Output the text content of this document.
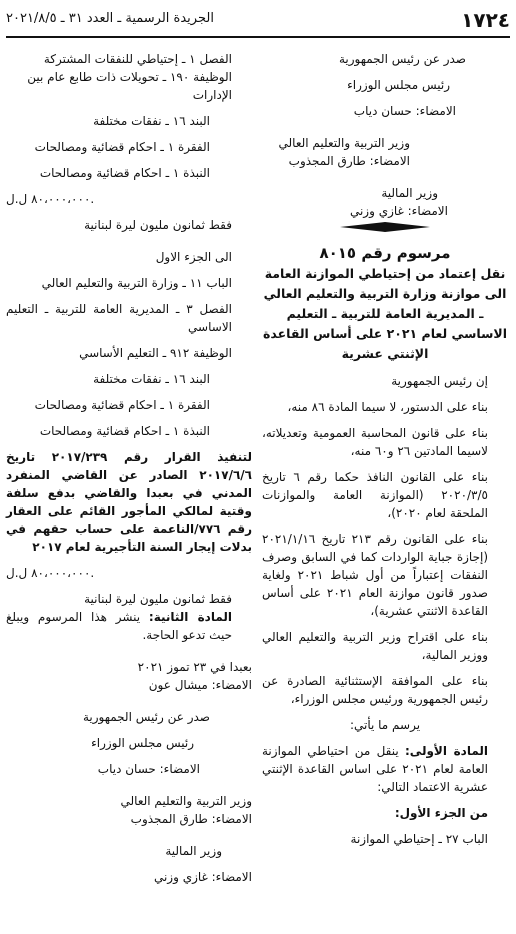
١٧٢٤
الجريدة الرسمية ـ العدد ٣١ ـ ٢٠٢١/٨/٥
صدر عن رئيس الجمهورية
رئيس مجلس الوزراء
الامضاء: حسان دياب
وزير التربية والتعليم العالي
الامضاء: طارق المجذوب
وزير المالية
الامضاء: غازي وزني
مرسوم رقم ٨٠١٥
نقل إعتماد من إحتياطي الموازنة العامة الى موازنة وزارة التربية والتعليم العالي ـ المديرية العامة للتربية ـ التعليم الاساسي لعام ٢٠٢١ على أساس القاعدة الإثنتي عشرية
إن رئيس الجمهورية
بناء على الدستور، لا سيما المادة ٨٦ منه،
بناء على قانون المحاسبة العمومية وتعديلاته، لاسيما المادتين ٢٦ و٦٠ منه،
بناء على القانون النافذ حكما رقم ٦ تاريخ ٢٠٢٠/٣/٥ (الموازنة العامة والموازنات الملحقة لعام ٢٠٢٠)،
بناء على القانون رقم ٢١٣ تاريخ ٢٠٢١/١/١٦ (إجازة جباية الواردات كما في السابق وصرف النفقات إعتباراً من أول شباط ٢٠٢١ ولغاية صدور قانون موازنة العام ٢٠٢١ على أساس القاعدة الاثنتي عشرية)،
بناء على اقتراح وزير التربية والتعليم العالي ووزير المالية،
بناء على الموافقة الإستثنائية الصادرة عن رئيس الجمهورية ورئيس مجلس الوزراء،
يرسم ما يأتي:
المادة الأولى: ينقل من احتياطي الموازنة العامة لعام ٢٠٢١ على اساس القاعدة الإثنتي عشرية الاعتماد التالي:
من الجزء الأول:
الباب ٢٧ ـ إحتياطي الموازنة
الفصل ١ ـ إحتياطي للنفقات المشتركة
الوظيفة ١٩٠ ـ تحويلات ذات طابع عام بين الإدارات
البند ١٦ ـ نفقات مختلفة
الفقرة ١ ـ احكام قضائية ومصالحات
النبذة ١ ـ احكام قضائية ومصالحات
٨٠،٠٠٠،٠٠٠ ل.ل.
فقط ثمانون مليون ليرة لبنانية
الى الجزء الاول
الباب ١١ ـ وزارة التربية والتعليم العالي
الفصل ٣ ـ المديرية العامة للتربية ـ التعليم الاساسي
الوظيفة ٩١٢ ـ التعليم الأساسي
البند ١٦ ـ نفقات مختلفة
الفقرة ١ ـ احكام قضائية ومصالحات
النبذة ١ ـ احكام قضائية ومصالحات
لتنفيذ القرار رقم ٢٠١٧/٢٣٩ تاريخ ٢٠١٧/٦/٦ الصادر عن القاضي المنفرد المدني في بعبدا والقاضي بدفع سلفة وقتية لمالكي المأجور القائم على العقار رقم ٧٧٦/الناعمة على حساب حقهم في بدلات إيجار السنة التأجيرية لعام ٢٠١٧
٨٠،٠٠٠،٠٠٠ ل.ل.
فقط ثمانون مليون ليرة لبنانية
المادة الثانية: ينشر هذا المرسوم ويبلغ حيث تدعو الحاجة.
بعبدا في ٢٣ تموز ٢٠٢١
الامضاء: ميشال عون
صدر عن رئيس الجمهورية
رئيس مجلس الوزراء
الامضاء: حسان دياب
وزير التربية والتعليم العالي
الامضاء: طارق المجذوب
وزير المالية
الامضاء: غازي وزني
